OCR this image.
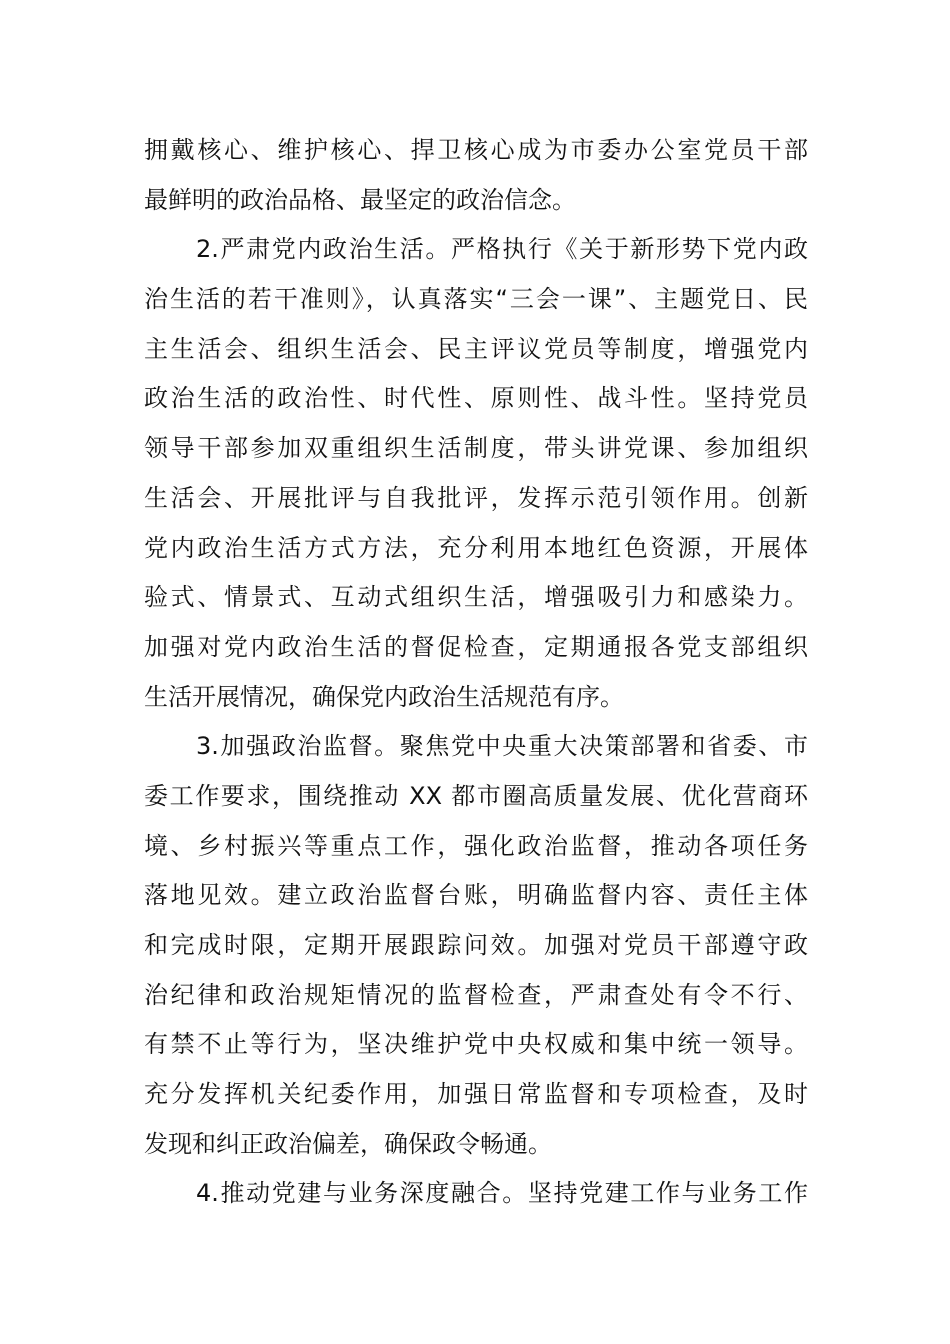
拥戴核心、维护核心、捍卫核心成为市委办公室党员干部
最鲜明的政治品格、最坚定的政治信念。
2.严肃党内政治生活。严格执行《关于新形势下党内政
治生活的若干准则》，认真落实“三会一课”、主题党日、民
主生活会、组织生活会、民主评议党员等制度，增强党内
政治生活的政治性、时代性、原则性、战斗性。坚持党员
领导干部参加双重组织生活制度，带头讲党课、参加组织
生活会、开展批评与自我批评，发挥示范引领作用。创新
党内政治生活方式方法，充分利用本地红色资源，开展体
验式、情景式、互动式组织生活，增强吸引力和感染力。
加强对党内政治生活的督促检查，定期通报各党支部组织
生活开展情况，确保党内政治生活规范有序。
3.加强政治监督。聚焦党中央重大决策部署和省委、市
委工作要求，围绕推动 XX 都市圈高质量发展、优化营商环
境、乡村振兴等重点工作，强化政治监督，推动各项任务
落地见效。建立政治监督台账，明确监督内容、责任主体
和完成时限，定期开展跟踪问效。加强对党员干部遵守政
治纪律和政治规矩情况的监督检查，严肃查处有令不行、
有禁不止等行为，坚决维护党中央权威和集中统一领导。
充分发挥机关纪委作用，加强日常监督和专项检查，及时
发现和纠正政治偏差，确保政令畅通。
4.推动党建与业务深度融合。坚持党建工作与业务工作
